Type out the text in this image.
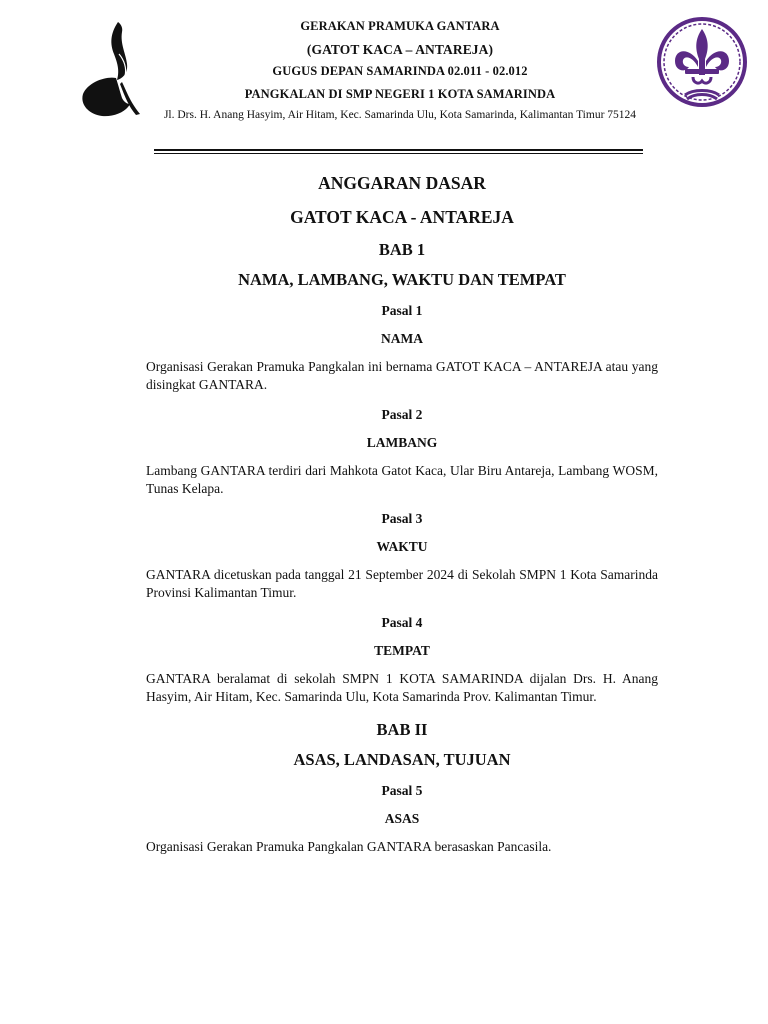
GERAKAN PRAMUKA GANTARA
(GATOT KACA – ANTAREJA)
GUGUS DEPAN SAMARINDA 02.011 - 02.012
PANGKALAN DI SMP NEGERI 1 KOTA SAMARINDA
Jl. Drs. H. Anang Hasyim, Air Hitam, Kec. Samarinda Ulu, Kota Samarinda, Kalimantan Timur 75124
ANGGARAN DASAR
GATOT KACA - ANTAREJA
BAB 1
NAMA, LAMBANG, WAKTU DAN TEMPAT
Pasal 1
NAMA
Organisasi Gerakan Pramuka Pangkalan ini bernama GATOT KACA – ANTAREJA atau yang disingkat GANTARA.
Pasal 2
LAMBANG
Lambang GANTARA terdiri dari Mahkota Gatot Kaca, Ular Biru Antareja, Lambang WOSM, Tunas Kelapa.
Pasal 3
WAKTU
GANTARA dicetuskan pada tanggal 21 September 2024 di Sekolah SMPN 1 Kota Samarinda Provinsi Kalimantan Timur.
Pasal 4
TEMPAT
GANTARA beralamat di sekolah SMPN 1 KOTA SAMARINDA dijalan Drs. H. Anang Hasyim, Air Hitam, Kec. Samarinda Ulu, Kota Samarinda Prov. Kalimantan Timur.
BAB II
ASAS, LANDASAN, TUJUAN
Pasal 5
ASAS
Organisasi Gerakan Pramuka Pangkalan GANTARA berasaskan Pancasila.
